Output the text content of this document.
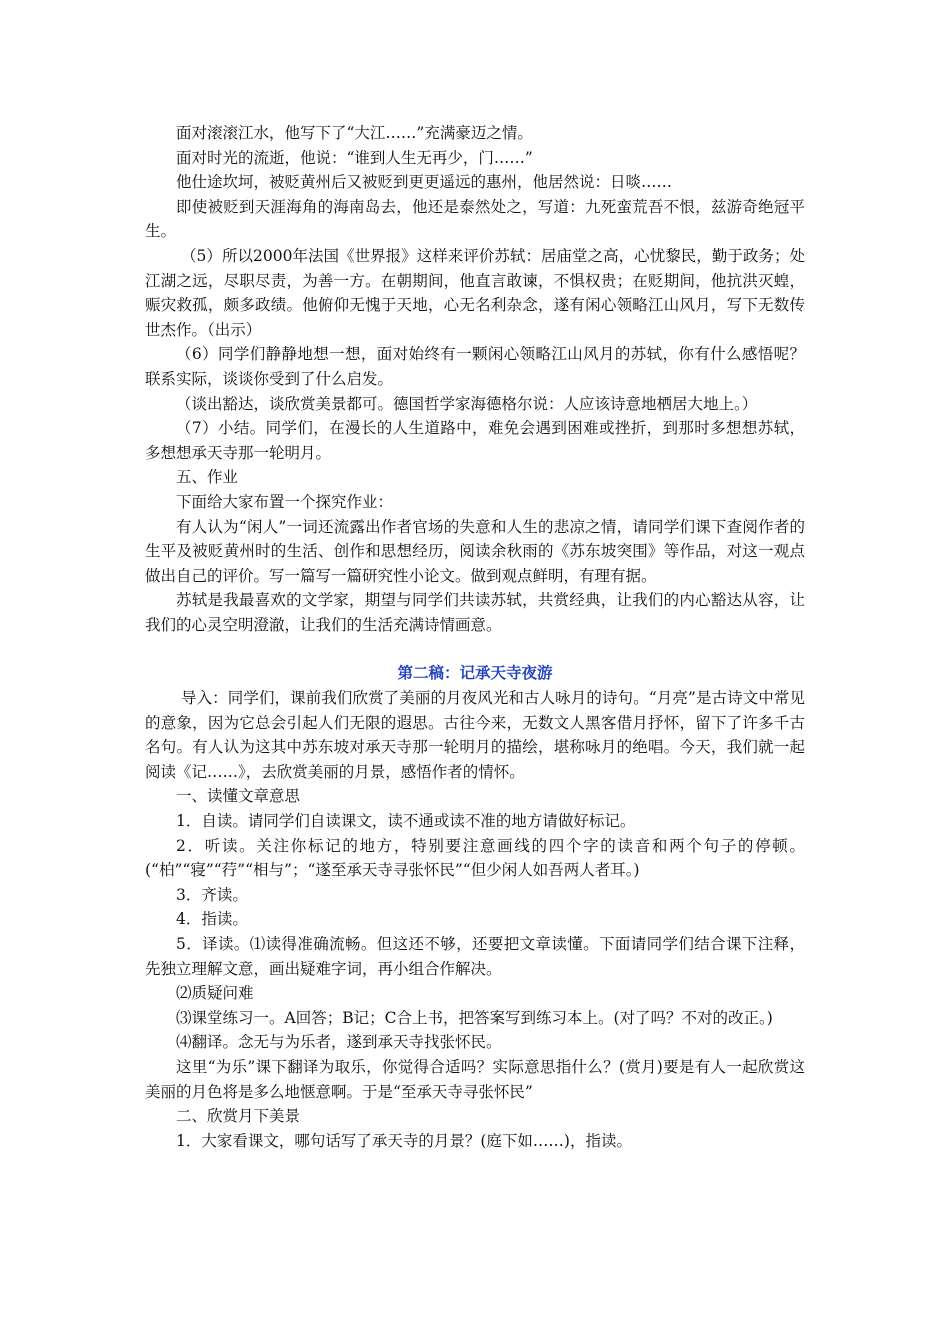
面对滚滚江水，他写下了“大江……”充满豪迈之情。

面对时光的流逝，他说：“谁到人生无再少，门……”

他仕途坎坷，被贬黄州后又被贬到更更遥远的惠州，他居然说：日啖……

即使被贬到天涯海角的海南岛去，他还是泰然处之，写道：九死蛮荒吾不恨，兹游奇绝冠平生。

（5）所以2000年法国《世界报》这样来评价苏轼：居庙堂之高，心忧黎民，勤于政务；处江湖之远，尽职尽责，为善一方。在朝期间，他直言敢谏，不惧权贵；在贬期间，他抗洪灭蝗，赈灾救孤，颇多政绩。他俯仰无愧于天地，心无名利杂念，遂有闲心领略江山风月，写下无数传世杰作。（出示）

（6）同学们静静地想一想，面对始终有一颗闲心领略江山风月的苏轼，你有什么感悟呢？联系实际，谈谈你受到了什么启发。

（谈出豁达，谈欣赏美景都可。德国哲学家海德格尔说：人应该诗意地栖居大地上。）

（7）小结。同学们，在漫长的人生道路中，难免会遇到困难或挫折，到那时多想想苏轼，多想想承天寺那一轮明月。

五、作业

下面给大家布置一个探究作业：

有人认为“闲人”一词还流露出作者官场的失意和人生的悲凉之情，请同学们课下查阅作者的生平及被贬黄州时的生活、创作和思想经历，阅读余秋雨的《苏东坡突围》等作品，对这一观点做出自己的评价。写一篇写一篇研究性小论文。做到观点鲜明，有理有据。

苏轼是我最喜欢的文学家，期望与同学们共读苏轼，共赏经典，让我们的内心豁达从容，让我们的心灵空明澄澈，让我们的生活充满诗情画意。

第二稿：记承天寺夜游

导入：同学们，课前我们欣赏了美丽的月夜风光和古人咏月的诗句。“月亮”是古诗文中常见的意象，因为它总会引起人们无限的遐思。古往今来，无数文人黑客借月抒怀，留下了许多千古名句。有人认为这其中苏东坡对承天寺那一轮明月的描绘，堪称咏月的绝唱。今天，我们就一起阅读《记……》，去欣赏美丽的月景，感悟作者的情怀。

一、读懂文章意思

1．自读。请同学们自读课文，读不通或读不准的地方请做好标记。

2．听读。关注你标记的地方，特别要注意画线的四个字的读音和两个句子的停顿。(“柏”“寝”“荇”“相与”；“遂至承天寺寻张怀民”“但少闲人如吾两人者耳。)

3．齐读。

4．指读。

5．译读。⑴读得准确流畅。但这还不够，还要把文章读懂。下面请同学们结合课下注释，先独立理解文意，画出疑难字词，再小组合作解决。

⑵质疑问难

⑶课堂练习一。A回答；B记；C合上书，把答案写到练习本上。(对了吗？不对的改正。)

⑷翻译。念无与为乐者，遂到承天寺找张怀民。

这里“为乐”课下翻译为取乐，你觉得合适吗？实际意思指什么？(赏月)要是有人一起欣赏这美丽的月色将是多么地惬意啊。于是“至承天寺寻张怀民”

二、欣赏月下美景

1．大家看课文，哪句话写了承天寺的月景？(庭下如……)，指读。
